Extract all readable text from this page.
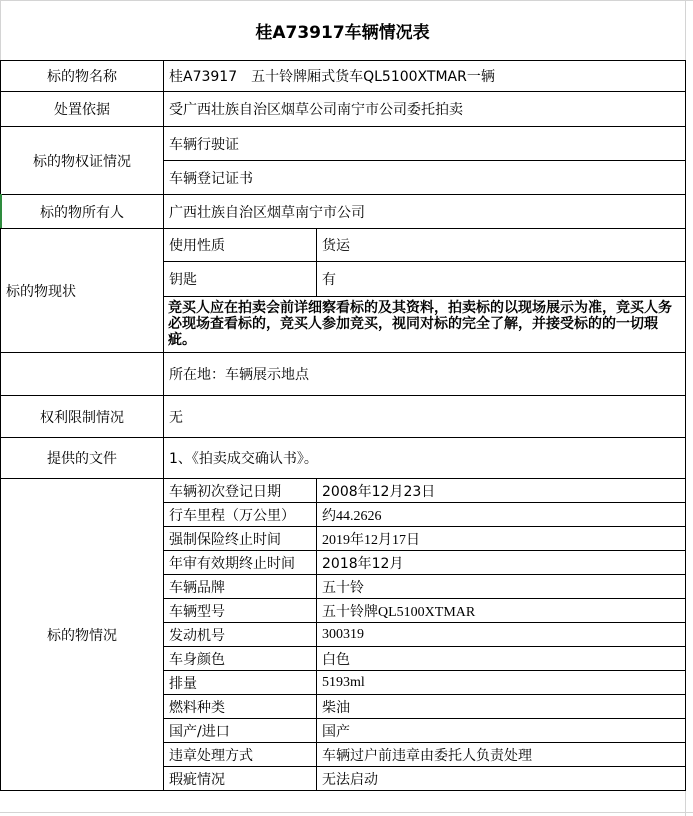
桂A73917车辆情况表
标的物名称	桂A73917　五十铃牌厢式货车QL5100XTMAR一辆
处置依据	受广西壮族自治区烟草公司南宁市公司委托拍卖
标的物权证情况
车辆行驶证
车辆登记证书
标的物所有人	广西壮族自治区烟草南宁市公司
标的物现状
使用性质	货运
钥匙	有
竞买人应在拍卖会前详细察看标的及其资料，拍卖标的以现场展示为准，竞买人务必现场查看标的，竞买人参加竞买，视同对标的完全了解，并接受标的的一切瑕疵。
所在地：车辆展示地点
权利限制情况	无
提供的文件	1、《拍卖成交确认书》。
标的物情况
车辆初次登记日期	2008年12月23日
行车里程（万公里）	约44.2626
强制保险终止时间	2019年12月17日
年审有效期终止时间	2018年12月
车辆品牌	五十铃
车辆型号	五十铃牌QL5100XTMAR
发动机号	300319
车身颜色	白色
排量	5193ml
燃料种类	柴油
国产/进口	国产
违章处理方式	车辆过户前违章由委托人负责处理
瑕疵情况	无法启动
